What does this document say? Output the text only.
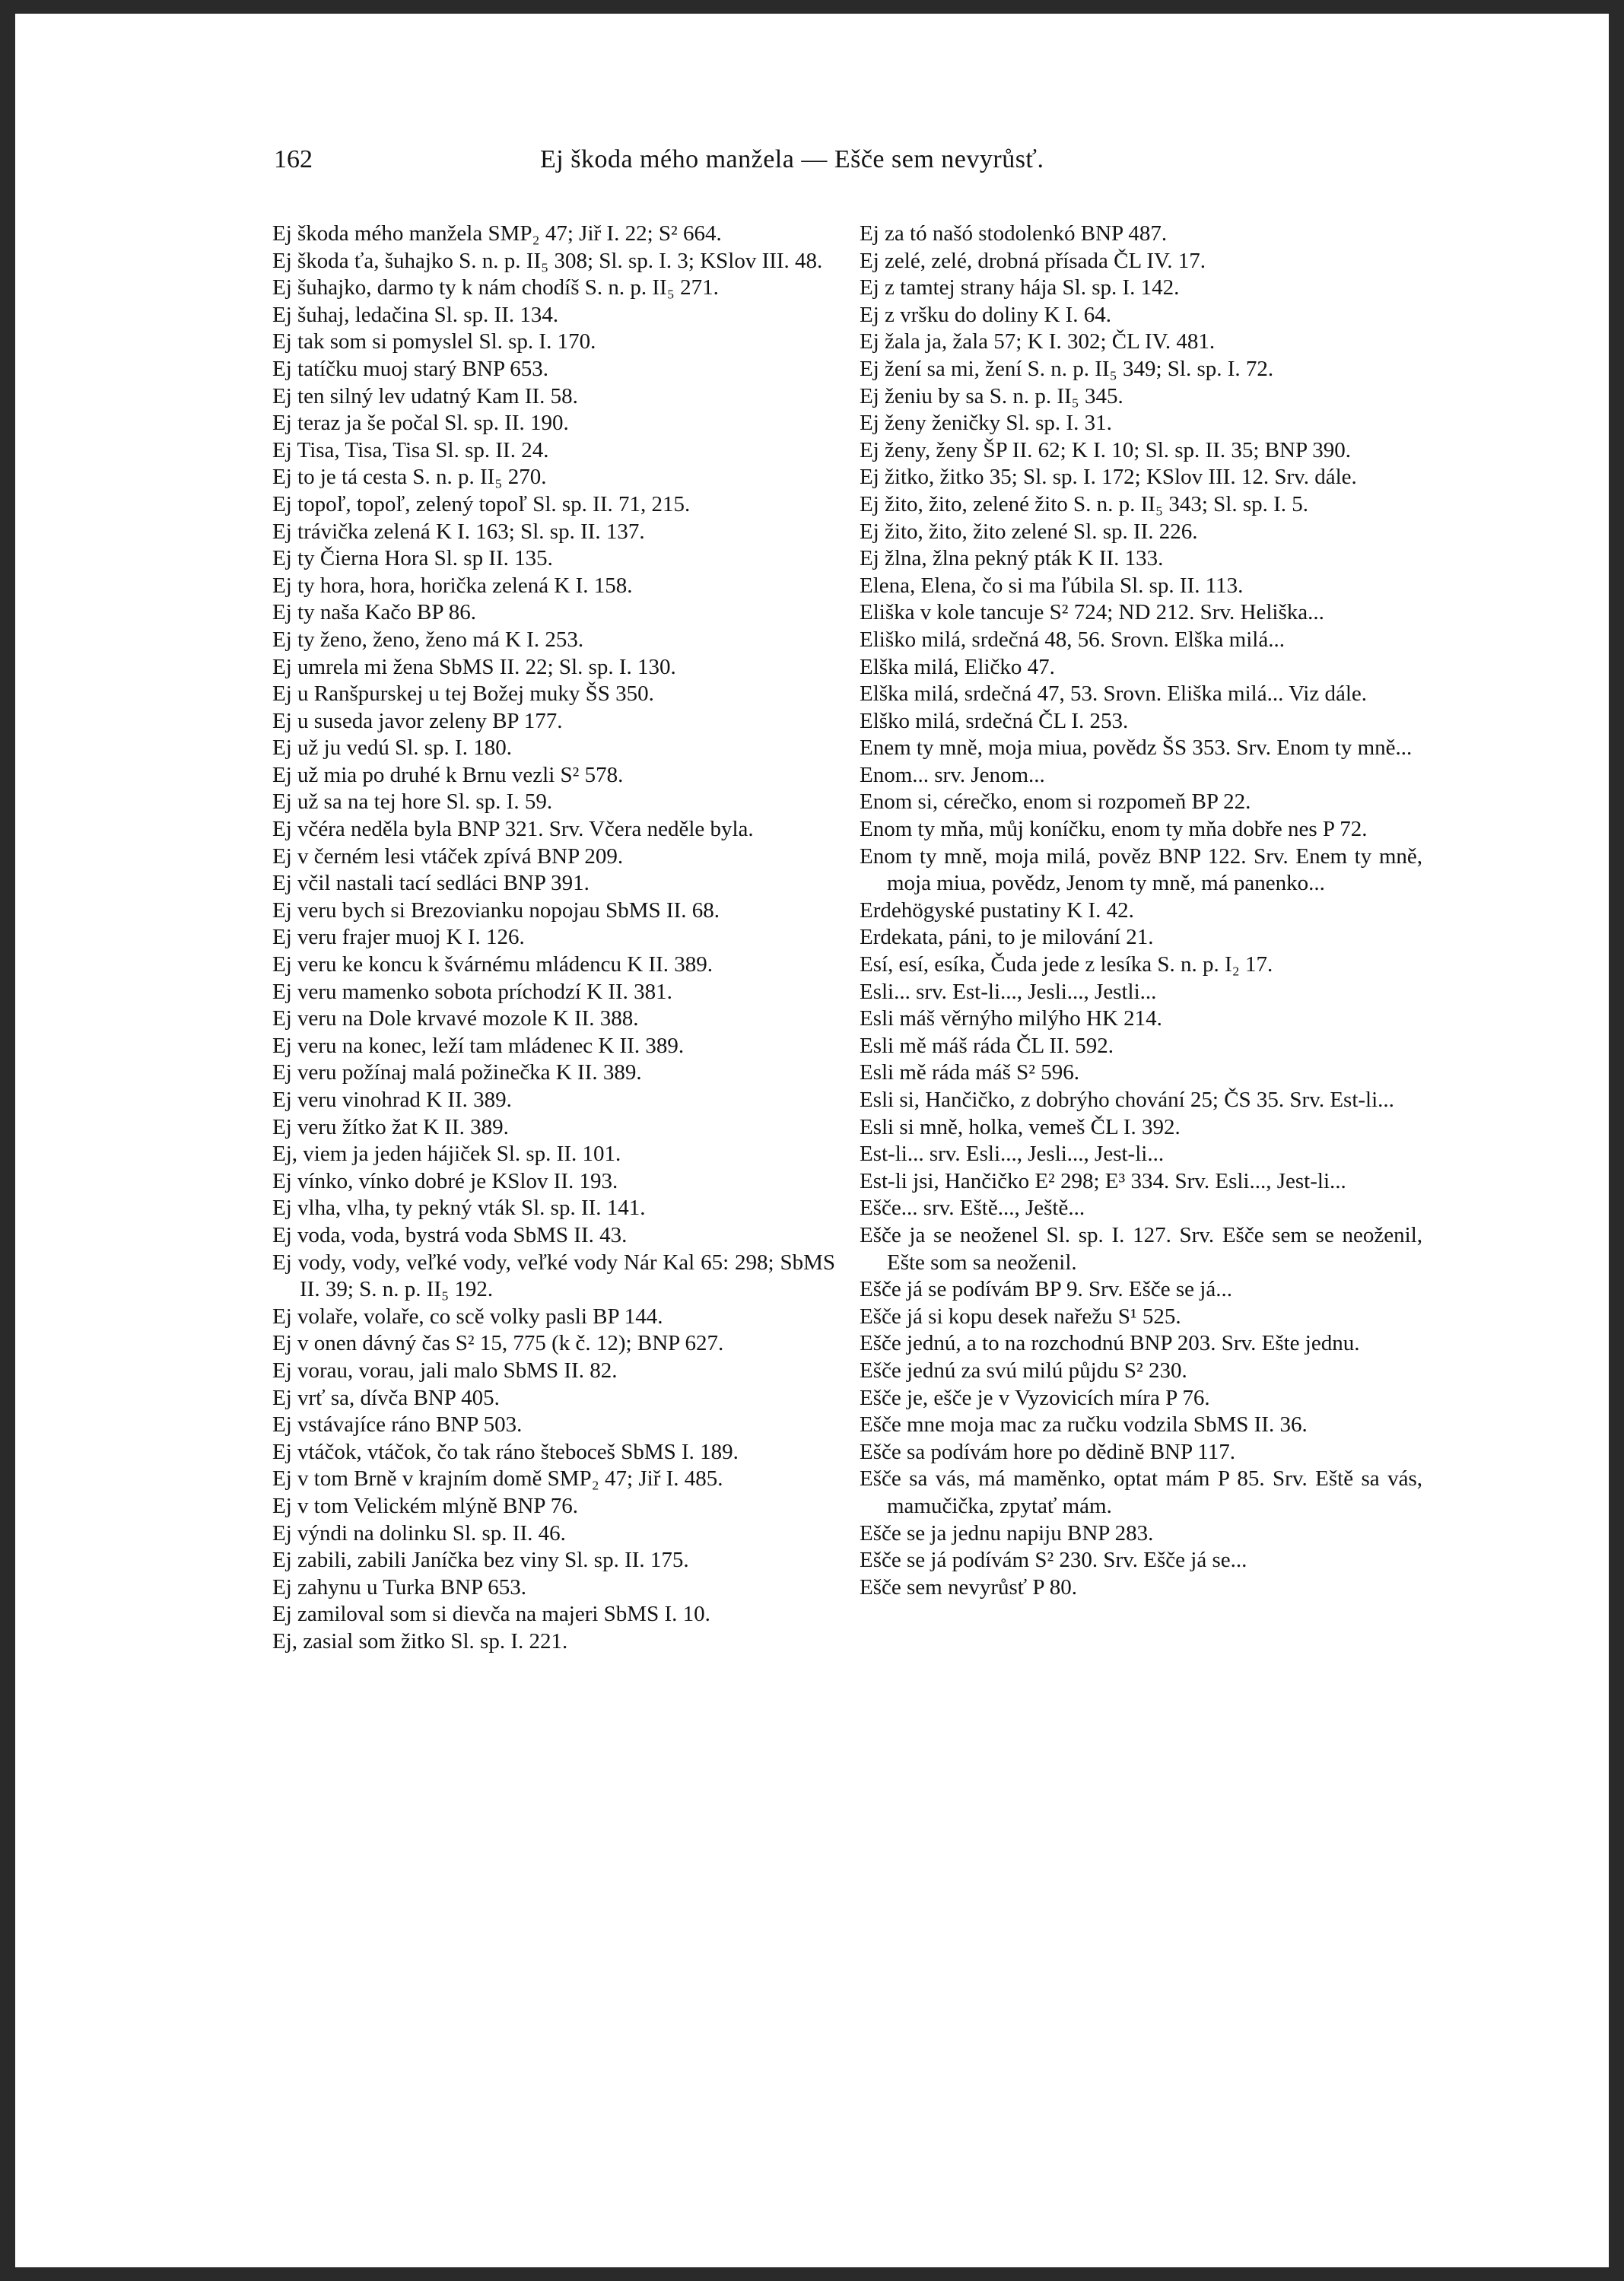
162	Ej škoda mého manžela — Ešče sem nevyrůsť.

Ej škoda mého manžela SMP₂ 47; Jiř I. 22; S² 664.

Ej škoda ťa, šuhajko S. n. p. II₅ 308; Sl. sp. I. 3; KSlov III. 48.

Ej šuhajko, darmo ty k nám chodíš S. n. p. II₅ 271.

Ej šuhaj, ledačina Sl. sp. II. 134.

Ej tak som si pomyslel Sl. sp. I. 170.

Ej tatíčku muoj starý BNP 653.

Ej ten silný lev udatný Kam II. 58.

Ej teraz ja še počal Sl. sp. II. 190.

Ej Tisa, Tisa, Tisa Sl. sp. II. 24.

Ej to je tá cesta S. n. p. II₅ 270.

Ej topoľ, topoľ, zelený topoľ Sl. sp. II. 71, 215.

Ej trávička zelená K I. 163; Sl. sp. II. 137.

Ej ty Čierna Hora Sl. sp II. 135.

Ej ty hora, hora, horička zelená K I. 158.

Ej ty naša Kačo BP 86.

Ej ty ženo, ženo, ženo má K I. 253.

Ej umrela mi žena SbMS II. 22; Sl. sp. I. 130.

Ej u Ranšpurskej u tej Božej muky ŠS 350.

Ej u suseda javor zeleny BP 177.

Ej už ju vedú Sl. sp. I. 180.

Ej už mia po druhé k Brnu vezli S² 578.

Ej už sa na tej hore Sl. sp. I. 59.

Ej včéra neděla byla BNP 321. Srv. Včera neděle byla.

Ej v černém lesi vtáček zpívá BNP 209.

Ej včil nastali tací sedláci BNP 391.

Ej veru bych si Brezovianku nopojau SbMS II. 68.

Ej veru frajer muoj K I. 126.

Ej veru ke koncu k švárnému mládencu K II. 389.

Ej veru mamenko sobota príchodzí K II. 381.

Ej veru na Dole krvavé mozole K II. 388.

Ej veru na konec, leží tam mládenec K II. 389.

Ej veru požínaj malá požinečka K II. 389.

Ej veru vinohrad K II. 389.

Ej veru žítko žat K II. 389.

Ej, viem ja jeden hájiček Sl. sp. II. 101.

Ej vínko, vínko dobré je KSlov II. 193.

Ej vlha, vlha, ty pekný vták Sl. sp. II. 141.

Ej voda, voda, bystrá voda SbMS II. 43.

Ej vody, vody, veľké vody, veľké vody Nár Kal 65: 298; SbMS II. 39; S. n. p. II₅ 192.

Ej volaře, volaře, co scě volky pasli BP 144.

Ej v onen dávný čas S² 15, 775 (k č. 12); BNP 627.

Ej vorau, vorau, jali malo SbMS II. 82.

Ej vrť sa, dívča BNP 405.

Ej vstávajíce ráno BNP 503.

Ej vtáčok, vtáčok, čo tak ráno šteboceš SbMS I. 189.

Ej v tom Brně v krajním domě SMP₂ 47; Jiř I. 485.

Ej v tom Velickém mlýně BNP 76.

Ej výndi na dolinku Sl. sp. II. 46.

Ej zabili, zabili Janíčka bez viny Sl. sp. II. 175.

Ej zahynu u Turka BNP 653.

Ej zamiloval som si dievča na majeri SbMS I. 10.

Ej, zasial som žitko Sl. sp. I. 221.

Ej za tó našó stodolenkó BNP 487.

Ej zelé, zelé, drobná přísada ČL IV. 17.

Ej z tamtej strany hája Sl. sp. I. 142.

Ej z vršku do doliny K I. 64.

Ej žala ja, žala 57; K I. 302; ČL IV. 481.

Ej žení sa mi, žení S. n. p. II₅ 349; Sl. sp. I. 72.

Ej ženiu by sa S. n. p. II₅ 345.

Ej ženy ženičky Sl. sp. I. 31.

Ej ženy, ženy ŠP II. 62; K I. 10; Sl. sp. II. 35; BNP 390.

Ej žitko, žitko 35; Sl. sp. I. 172; KSlov III. 12. Srv. dále.

Ej žito, žito, zelené žito S. n. p. II₅ 343; Sl. sp. I. 5.

Ej žito, žito, žito zelené Sl. sp. II. 226.

Ej žlna, žlna pekný pták K II. 133.

Elena, Elena, čo si ma ľúbila Sl. sp. II. 113.

Eliška v kole tancuje S² 724; ND 212. Srv. Heliška...

Eliško milá, srdečná 48, 56. Srovn. Elška milá...

Elška milá, Eličko 47.

Elška milá, srdečná 47, 53. Srovn. Eliška milá... Viz dále.

Elško milá, srdečná ČL I. 253.

Enem ty mně, moja miua, povědz ŠS 353. Srv. Enom ty mně...

Enom... srv. Jenom...

Enom si, cérečko, enom si rozpomeň BP 22.

Enom ty mňa, můj koníčku, enom ty mňa dobře nes P 72.

Enom ty mně, moja milá, pověz BNP 122. Srv. Enem ty mně, moja miua, povědz, Jenom ty mně, má panenko...

Erdehögyské pustatiny K I. 42.

Erdekata, páni, to je milování 21.

Esí, esí, esíka, Čuda jede z lesíka S. n. p. I₂ 17.

Esli... srv. Est-li..., Jesli..., Jestli...

Esli máš věrnýho milýho HK 214.

Esli mě máš ráda ČL II. 592.

Esli mě ráda máš S² 596.

Esli si, Hančičko, z dobrýho chování 25; ČS 35. Srv. Est-li...

Esli si mně, holka, vemeš ČL I. 392.

Est-li... srv. Esli..., Jesli..., Jest-li...

Est-li jsi, Hančičko E² 298; E³ 334. Srv. Esli..., Jest-li...

Ešče... srv. Eště..., Ještě...

Ešče ja se neoženel Sl. sp. I. 127. Srv. Ešče sem se neoženil, Ešte som sa neoženil.

Ešče já se podívám BP 9. Srv. Ešče se já...

Ešče já si kopu desek nařežu S¹ 525.

Ešče jednú, a to na rozchodnú BNP 203. Srv. Ešte jednu.

Ešče jednú za svú milú půjdu S² 230.

Ešče je, ešče je v Vyzovicích míra P 76.

Ešče mne moja mac za ručku vodzila SbMS II. 36.

Ešče sa podívám hore po dědině BNP 117.

Ešče sa vás, má maměnko, optat mám P 85. Srv. Eště sa vás, mamučička, zpytať mám.

Ešče se ja jednu napiju BNP 283.

Ešče se já podívám S² 230. Srv. Ešče já se...

Ešče sem nevyrůsť P 80.
